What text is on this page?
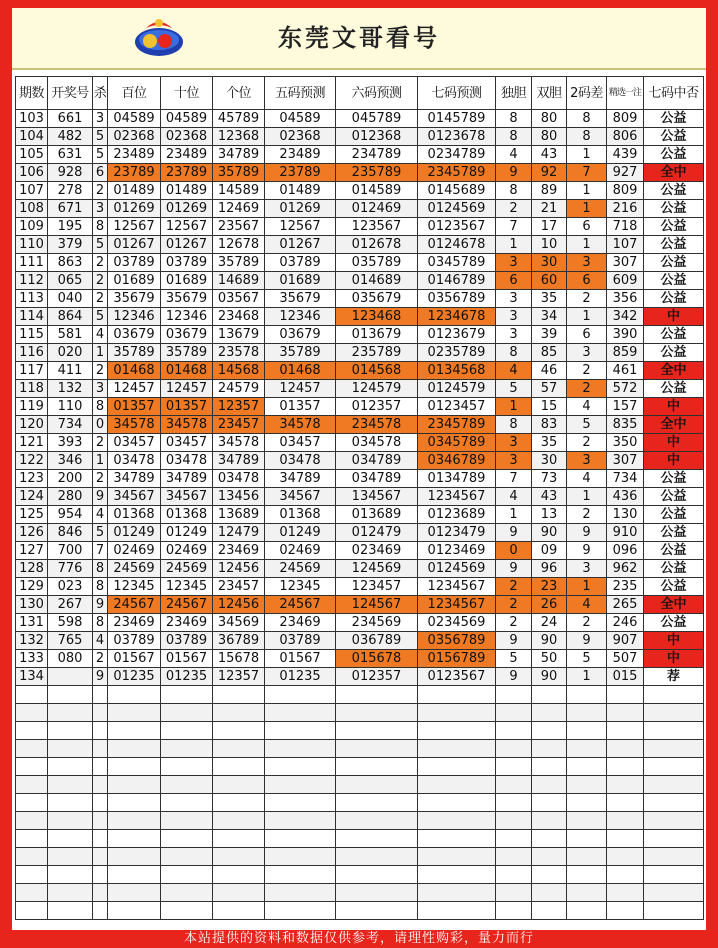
东莞文哥看号
期数	开奖号	杀	百位	十位	个位	五码预测	六码预测	七码预测	独胆	双胆	2码差	精选一注	七码中否
103	661	3	04589	04589	45789	04589	045789	0145789	8	80	8	809	公益
104	482	5	02368	02368	12368	02368	012368	0123678	8	80	8	806	公益
105	631	5	23489	23489	34789	23489	234789	0234789	4	43	1	439	公益
106	928	6	23789	23789	35789	23789	235789	2345789	9	92	7	927	全中
107	278	2	01489	01489	14589	01489	014589	0145689	8	89	1	809	公益
108	671	3	01269	01269	12469	01269	012469	0124569	2	21	1	216	公益
109	195	8	12567	12567	23567	12567	123567	0123567	7	17	6	718	公益
110	379	5	01267	01267	12678	01267	012678	0124678	1	10	1	107	公益
111	863	2	03789	03789	35789	03789	035789	0345789	3	30	3	307	公益
112	065	2	01689	01689	14689	01689	014689	0146789	6	60	6	609	公益
113	040	2	35679	35679	03567	35679	035679	0356789	3	35	2	356	公益
114	864	5	12346	12346	23468	12346	123468	1234678	3	34	1	342	中
115	581	4	03679	03679	13679	03679	013679	0123679	3	39	6	390	公益
116	020	1	35789	35789	23578	35789	235789	0235789	8	85	3	859	公益
117	411	2	01468	01468	14568	01468	014568	0134568	4	46	2	461	全中
118	132	3	12457	12457	24579	12457	124579	0124579	5	57	2	572	公益
119	110	8	01357	01357	12357	01357	012357	0123457	1	15	4	157	中
120	734	0	34578	34578	23457	34578	234578	2345789	8	83	5	835	全中
121	393	2	03457	03457	34578	03457	034578	0345789	3	35	2	350	中
122	346	1	03478	03478	34789	03478	034789	0346789	3	30	3	307	中
123	200	2	34789	34789	03478	34789	034789	0134789	7	73	4	734	公益
124	280	9	34567	34567	13456	34567	134567	1234567	4	43	1	436	公益
125	954	4	01368	01368	13689	01368	013689	0123689	1	13	2	130	公益
126	846	5	01249	01249	12479	01249	012479	0123479	9	90	9	910	公益
127	700	7	02469	02469	23469	02469	023469	0123469	0	09	9	096	公益
128	776	8	24569	24569	12456	24569	124569	0124569	9	96	3	962	公益
129	023	8	12345	12345	23457	12345	123457	1234567	2	23	1	235	公益
130	267	9	24567	24567	12456	24567	124567	1234567	2	26	4	265	全中
131	598	8	23469	23469	34569	23469	234569	0234569	2	24	2	246	公益
132	765	4	03789	03789	36789	03789	036789	0356789	9	90	9	907	中
133	080	2	01567	01567	15678	01567	015678	0156789	5	50	5	507	中
134		9	01235	01235	12357	01235	012357	0123567	9	90	1	015	荐

本站提供的资料和数据仅供参考，请理性购彩，量力而行
